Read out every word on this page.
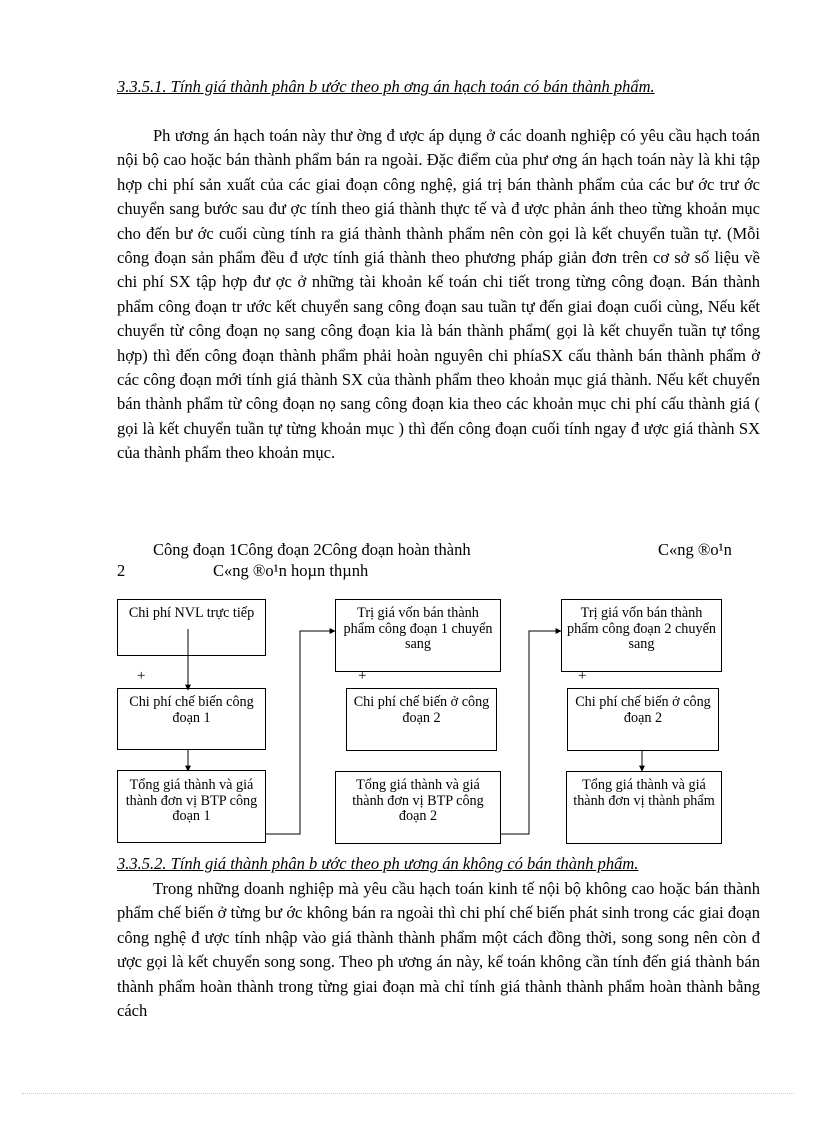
3.3.5.1. Tính giá thành phân b ước theo ph ơng án hạch toán có bán thành phẩm.

Ph ương án hạch toán này thư ờng đ ược áp dụng ở các doanh nghiệp có yêu cầu hạch toán nội bộ cao hoặc bán thành phẩm bán ra ngoài. Đặc điểm của phư ơng án hạch toán này là khi tập hợp chi phí sản xuất của các giai đoạn công nghệ, giá trị bán thành phẩm của các bư ớc trư ớc chuyển sang bước sau đư ợc tính theo giá thành thực tế và đ ược phản ánh theo từng khoản mục cho đến bư ớc cuối cùng tính ra giá thành thành phẩm nên còn gọi là kết chuyển tuần tự. (Mỗi công đoạn sản phẩm đều đ ược tính giá thành theo phương pháp giản đơn trên cơ sở số liệu về chi phí SX tập hợp đư ợc ở những tài khoản kế toán chi tiết trong từng công đoạn. Bán thành phẩm công đoạn tr ước kết chuyển sang công đoạn sau tuần tự đến giai đoạn cuối cùng, Nếu kết chuyển từ công đoạn nọ sang công đoạn kia là bán thành phẩm( gọi là kết chuyển tuần tự tổng hợp) thì đến công đoạn thành phẩm phải hoàn nguyên chi phíaSX cấu thành bán thành phẩm ở các công đoạn mới tính giá thành SX của thành phẩm theo khoản mục giá thành. Nếu kết chuyển bán thành phẩm từ công đoạn nọ sang công đoạn kia theo các khoản mục chi phí cấu thành giá ( gọi là kết chuyển tuần tự từng khoản mục ) thì đến công đoạn cuối tính ngay đ ược giá thành SX của thành phẩm theo khoản mục.

Công đoạn 1Công đoạn 2Công đoạn hoàn thành	C«ng ®o¹n

2	C«ng ®o¹n hoµn thµnh

Chi phí NVL trực tiếp
+
Chi phí chế biến công đoạn 1
Tổng giá thành và giá thành đơn vị BTP công đoạn 1
Trị giá vốn bán thành phẩm công đoạn 1 chuyển sang
+
Chi phí chế biến ở công đoạn 2
Tổng giá thành và giá thành đơn vị BTP công đoạn 2
Trị giá vốn bán thành phẩm công đoạn 2 chuyển sang
+
Chi phí chế biến ở công đoạn 2
Tổng giá thành và giá thành đơn vị thành phẩm

3.3.5.2. Tính giá thành phân b ước theo ph ương án không có bán thành phẩm.

Trong những doanh nghiệp mà yêu cầu hạch toán kinh tế nội bộ không cao hoặc bán thành phẩm chế biến ở từng bư ớc không bán ra ngoài thì chi phí chế biến phát sinh trong các giai đoạn công nghệ đ ược tính nhập vào giá thành thành phẩm một cách đồng thời, song song nên còn đ ược gọi là kết chuyển song song. Theo ph ương án này, kế toán không cần tính đến giá thành bán thành phẩm hoàn thành trong từng giai đoạn mà chỉ tính giá thành thành phẩm hoàn thành bằng cách
